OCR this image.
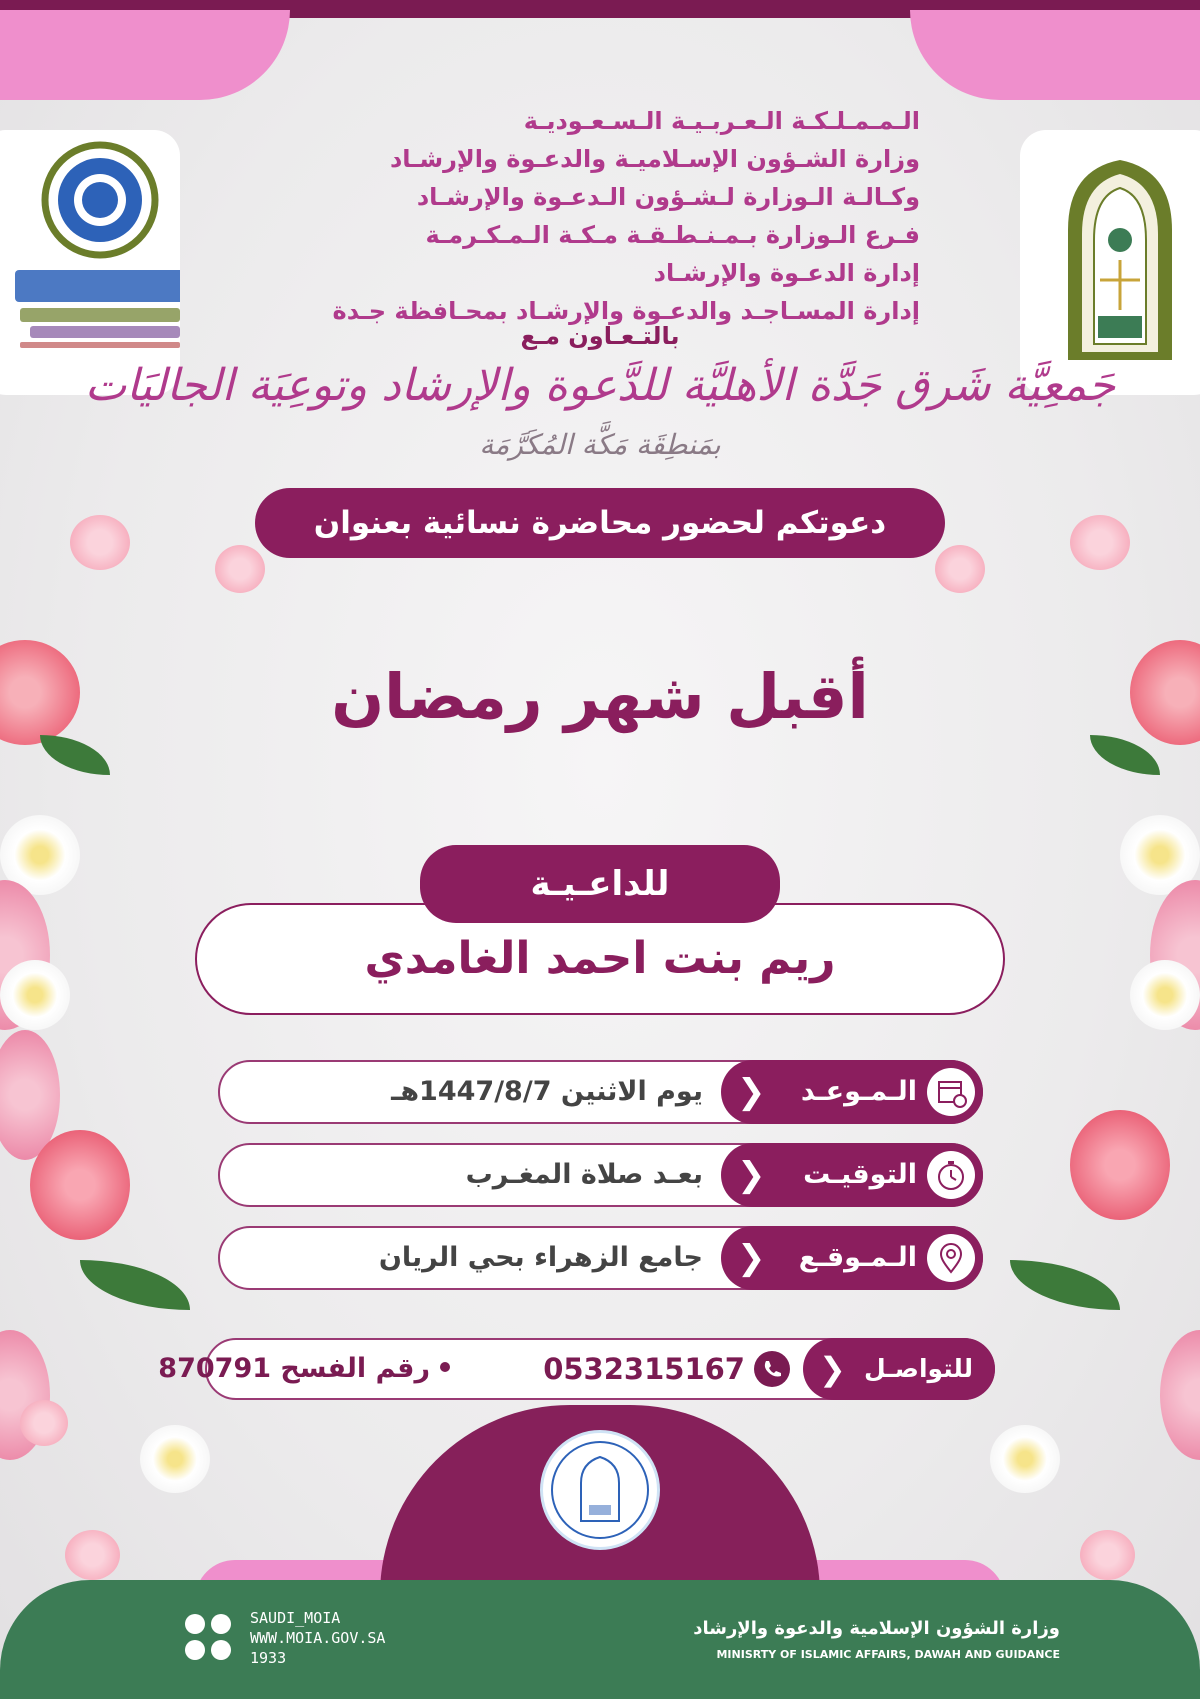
الـمـمـلـكـة الـعـربـيـة الـسـعـوديـة
وزارة الشـؤون الإسـلاميـة والدعـوة والإرشـاد
وكـالـة الـوزارة لـشـؤون الـدعـوة والإرشـاد
فـرع الـوزارة بـمـنـطـقـة مـكـة الـمـكـرمـة
إدارة الدعـوة والإرشـاد
إدارة المسـاجـد والدعـوة والإرشـاد بمحـافظة جـدة
بالتـعـاون مـع
جَمعِيَّة شَرق جَدَّة الأهليَّة للدَّعوة والإرشاد وتوعِيَة الجاليَات
بمَنطِقَة مَكَّة المُكَرَّمَة
دعوتكم لحضور محاضرة نسائية بعنوان
أقبل شهر رمضان
للداعـيـة
ريم بنت احمد الغامدي
يوم الاثنين 1447/8/7هـ	الـمـوعـد
❮
بعـد صلاة المغـرب	التوقيـت
❮
جامع الزهراء بحي الريان	الـمـوقـع
❮
للتواصـل
❮
0532315167
رقم الفسح 870791
وزارة الشؤون الإسلامية والدعوة والإرشاد
MINISRTY OF ISLAMIC AFFAIRS, DAWAH AND GUIDANCE
SAUDI_MOIA
WWW.MOIA.GOV.SA
1933
